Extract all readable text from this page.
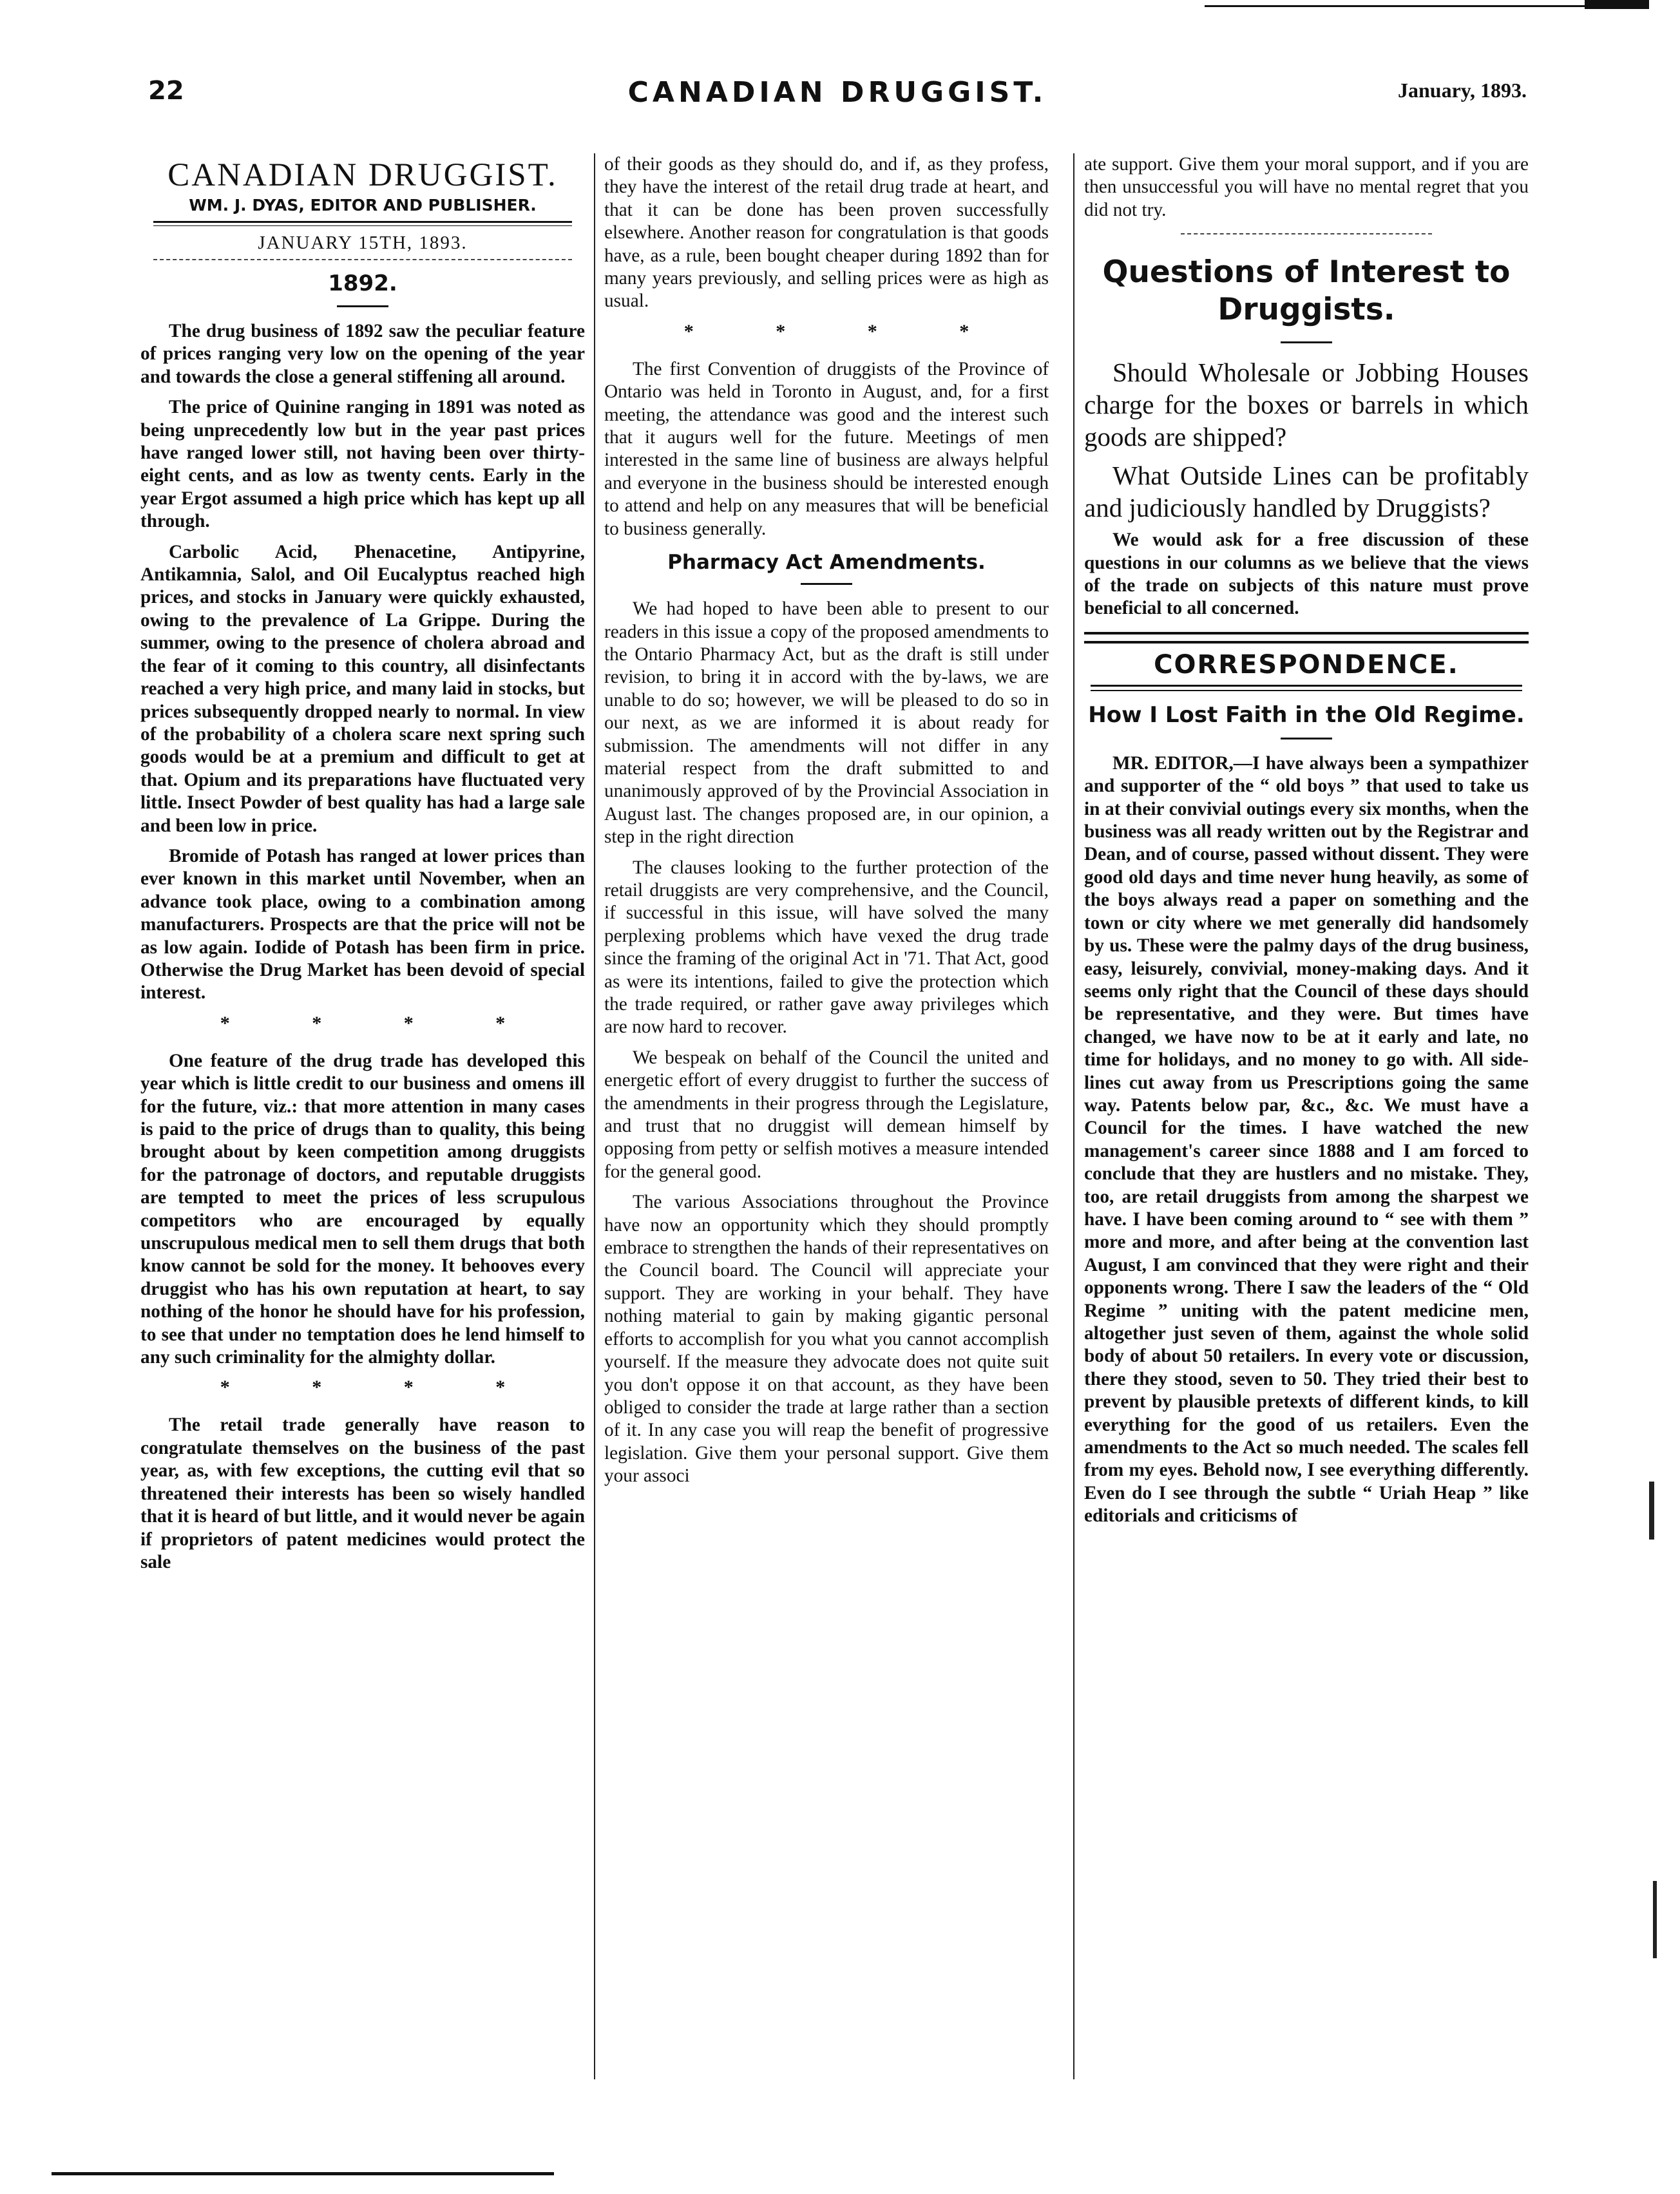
22	CANADIAN DRUGGIST.	January, 1893.
CANADIAN DRUGGIST.
WM. J. DYAS, EDITOR AND PUBLISHER.
JANUARY 15TH, 1893.
1892.

The drug business of 1892 saw the peculiar feature of prices ranging very low on the opening of the year and towards the close a general stiffening all around.

The price of Quinine ranging in 1891 was noted as being unprecedently low but in the year past prices have ranged lower still, not having been over thirty-eight cents, and as low as twenty cents. Early in the year Ergot assumed a high price which has kept up all through.

Carbolic Acid, Phenacetine, Antipyrine, Antikamnia, Salol, and Oil Eucalyptus reached high prices, and stocks in January were quickly exhausted, owing to the prevalence of La Grippe. During the summer, owing to the presence of cholera abroad and the fear of it coming to this country, all disinfectants reached a very high price, and many laid in stocks, but prices subsequently dropped nearly to normal. In view of the probability of a cholera scare next spring such goods would be at a premium and difficult to get at that. Opium and its preparations have fluctuated very little. Insect Powder of best quality has had a large sale and been low in price.

Bromide of Potash has ranged at lower prices than ever known in this market until November, when an advance took place, owing to a combination among manufacturers. Prospects are that the price will not be as low again. Iodide of Potash has been firm in price. Otherwise the Drug Market has been devoid of special interest.

* * * *

One feature of the drug trade has developed this year which is little credit to our business and omens ill for the future, viz.: that more attention in many cases is paid to the price of drugs than to quality, this being brought about by keen competition among druggists for the patronage of doctors, and reputable druggists are tempted to meet the prices of less scrupulous competitors who are encouraged by equally unscrupulous medical men to sell them drugs that both know cannot be sold for the money. It behooves every druggist who has his own reputation at heart, to say nothing of the honor he should have for his profession, to see that under no temptation does he lend himself to any such criminality for the almighty dollar.

* * * *

The retail trade generally have reason to congratulate themselves on the business of the past year, as, with few exceptions, the cutting evil that so threatened their interests has been so wisely handled that it is heard of but little, and it would never be again if proprietors of patent medicines would protect the sale

of their goods as they should do, and if, as they profess, they have the interest of the retail drug trade at heart, and that it can be done has been proven successfully elsewhere. Another reason for congratulation is that goods have, as a rule, been bought cheaper during 1892 than for many years previously, and selling prices were as high as usual.

* * * *

The first Convention of druggists of the Province of Ontario was held in Toronto in August, and, for a first meeting, the attendance was good and the interest such that it augurs well for the future. Meetings of men interested in the same line of business are always helpful and everyone in the business should be interested enough to attend and help on any measures that will be beneficial to business generally.

Pharmacy Act Amendments.

We had hoped to have been able to present to our readers in this issue a copy of the proposed amendments to the Ontario Pharmacy Act, but as the draft is still under revision, to bring it in accord with the by-laws, we are unable to do so; however, we will be pleased to do so in our next, as we are informed it is about ready for submission. The amendments will not differ in any material respect from the draft submitted to and unanimously approved of by the Provincial Association in August last. The changes proposed are, in our opinion, a step in the right direction

The clauses looking to the further protection of the retail druggists are very comprehensive, and the Council, if successful in this issue, will have solved the many perplexing problems which have vexed the drug trade since the framing of the original Act in '71. That Act, good as were its intentions, failed to give the protection which the trade required, or rather gave away privileges which are now hard to recover.

We bespeak on behalf of the Council the united and energetic effort of every druggist to further the success of the amendments in their progress through the Legislature, and trust that no druggist will demean himself by opposing from petty or selfish motives a measure intended for the general good.

The various Associations throughout the Province have now an opportunity which they should promptly embrace to strengthen the hands of their representatives on the Council board. The Council will appreciate your support. They are working in your behalf. They have nothing material to gain by making gigantic personal efforts to accomplish for you what you cannot accomplish yourself. If the measure they advocate does not quite suit you don't oppose it on that account, as they have been obliged to consider the trade at large rather than a section of it. In any case you will reap the benefit of progressive legislation. Give them your personal support. Give them your associ

ate support. Give them your moral support, and if you are then unsuccessful you will have no mental regret that you did not try.

Questions of Interest to Druggists.
Should Wholesale or Jobbing Houses charge for the boxes or barrels in which goods are shipped?
What Outside Lines can be profitably and judiciously handled by Druggists?

We would ask for a free discussion of these questions in our columns as we believe that the views of the trade on subjects of this nature must prove beneficial to all concerned.

CORRESPONDENCE.
How I Lost Faith in the Old Regime.

MR. EDITOR,—I have always been a sympathizer and supporter of the “ old boys ” that used to take us in at their convivial outings every six months, when the business was all ready written out by the Registrar and Dean, and of course, passed without dissent. They were good old days and time never hung heavily, as some of the boys always read a paper on something and the town or city where we met generally did handsomely by us. These were the palmy days of the drug business, easy, leisurely, convivial, money-making days. And it seems only right that the Council of these days should be representative, and they were. But times have changed, we have now to be at it early and late, no time for holidays, and no money to go with. All side-lines cut away from us Prescriptions going the same way. Patents below par, &c., &c. We must have a Council for the times. I have watched the new management's career since 1888 and I am forced to conclude that they are hustlers and no mistake. They, too, are retail druggists from among the sharpest we have. I have been coming around to “ see with them ” more and more, and after being at the convention last August, I am convinced that they were right and their opponents wrong. There I saw the leaders of the “ Old Regime ” uniting with the patent medicine men, altogether just seven of them, against the whole solid body of about 50 retailers. In every vote or discussion, there they stood, seven to 50. They tried their best to prevent by plausible pretexts of different kinds, to kill everything for the good of us retailers. Even the amendments to the Act so much needed. The scales fell from my eyes. Behold now, I see everything differently. Even do I see through the subtle “ Uriah Heap ” like editorials and criticisms of
